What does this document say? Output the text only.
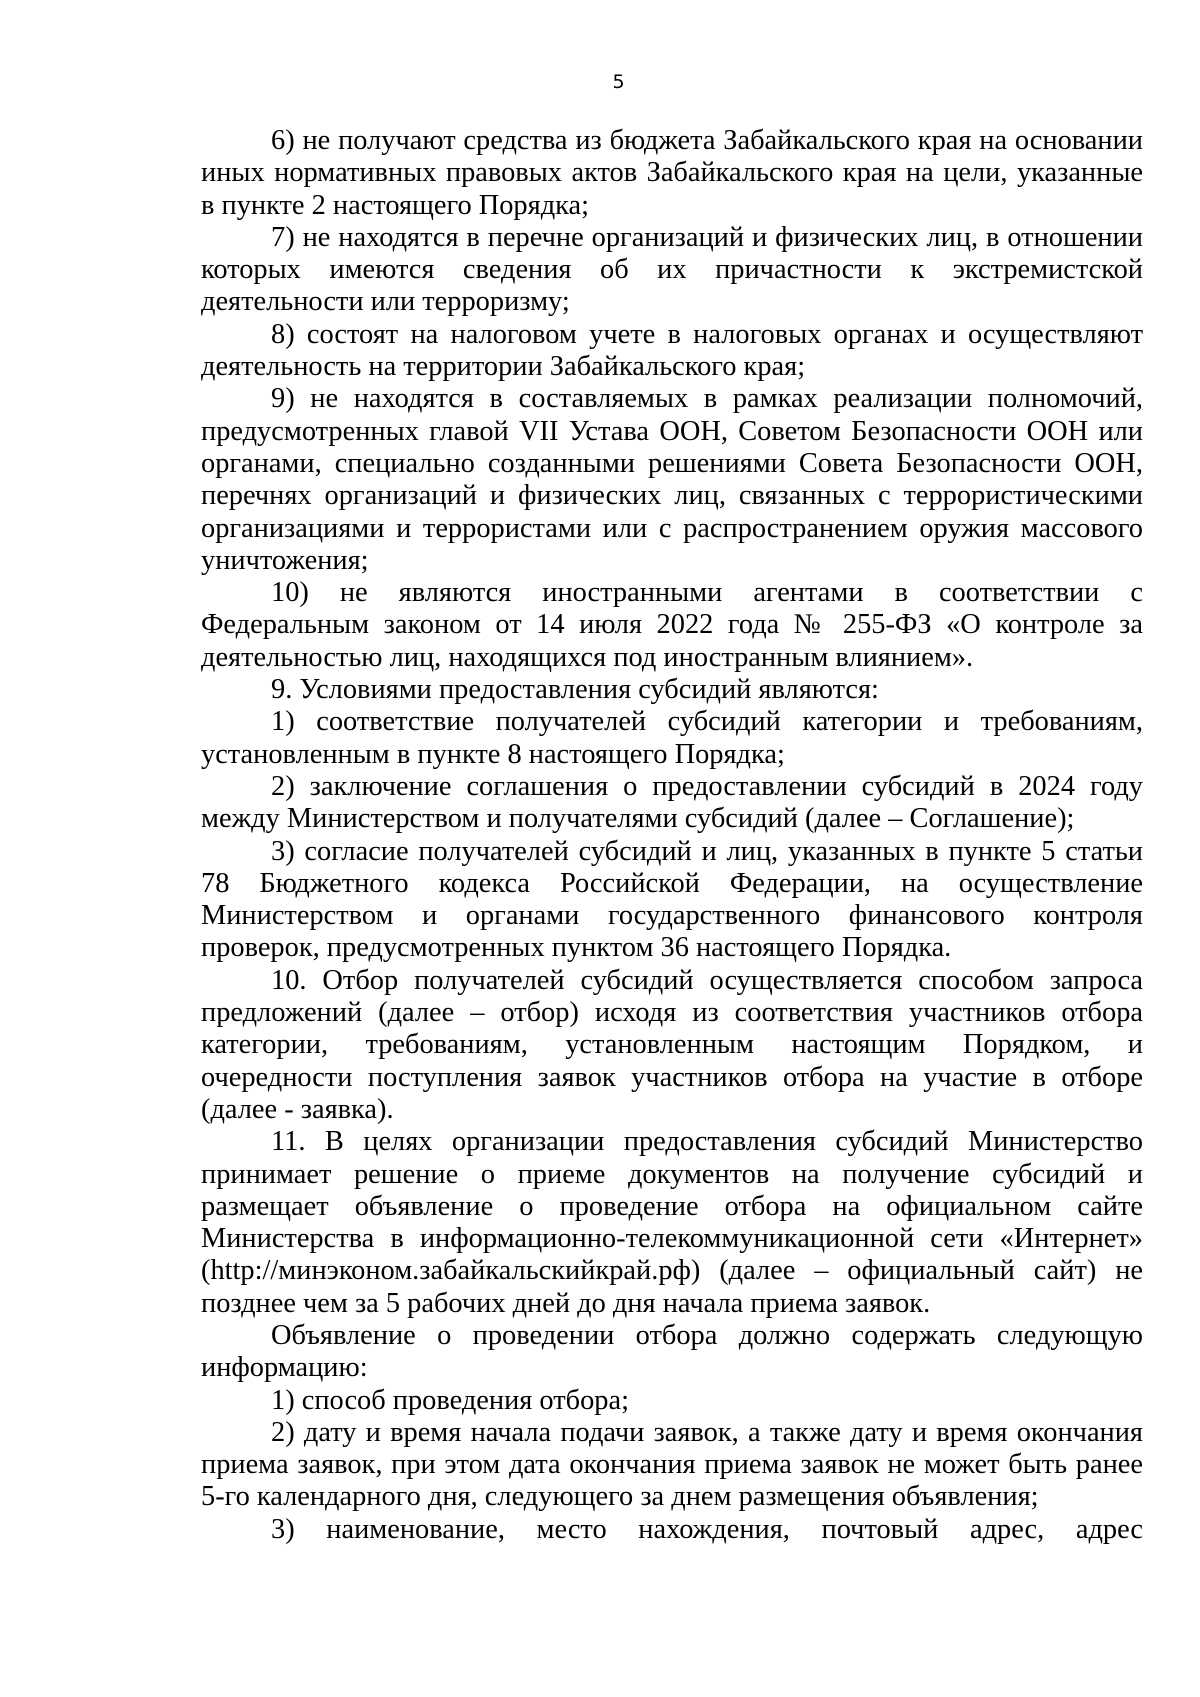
5

6) не получают средства из бюджета Забайкальского края на основании иных нормативных правовых актов Забайкальского края на цели, указанные в пункте 2 настоящего Порядка;

7) не находятся в перечне организаций и физических лиц, в отношении которых имеются сведения об их причастности к экстремистской деятельности или терроризму;

8) состоят на налоговом учете в налоговых органах и осуществляют деятельность на территории Забайкальского края;

9) не находятся в составляемых в рамках реализации полномочий, предусмотренных главой VII Устава ООН, Советом Безопасности ООН или органами, специально созданными решениями Совета Безопасности ООН, перечнях организаций и физических лиц, связанных с террористическими организациями и террористами или с распространением оружия массового уничтожения;

10) не являются иностранными агентами в соответствии с Федеральным законом от 14 июля 2022 года № 255-ФЗ «О контроле за деятельностью лиц, находящихся под иностранным влиянием».

9. Условиями предоставления субсидий являются:

1) соответствие получателей субсидий категории и требованиям, установленным в пункте 8 настоящего Порядка;

2) заключение соглашения о предоставлении субсидий в 2024 году между Министерством и получателями субсидий (далее – Соглашение);

3) согласие получателей субсидий и лиц, указанных в пункте 5 статьи 78 Бюджетного кодекса Российской Федерации, на осуществление Министерством и органами государственного финансового контроля проверок, предусмотренных пунктом 36 настоящего Порядка.

10. Отбор получателей субсидий осуществляется способом запроса предложений (далее – отбор) исходя из соответствия участников отбора категории, требованиям, установленным настоящим Порядком, и очередности поступления заявок участников отбора на участие в отборе (далее - заявка).

11. В целях организации предоставления субсидий Министерство принимает решение о приеме документов на получение субсидий и размещает объявление о проведение отбора на официальном сайте Министерства в информационно-телекоммуникационной сети «Интернет» (http://минэконом.забайкальскийкрай.рф) (далее – официальный сайт) не позднее чем за 5 рабочих дней до дня начала приема заявок.

Объявление о проведении отбора должно содержать следующую информацию:

1) способ проведения отбора;

2) дату и время начала подачи заявок, а также дату и время окончания приема заявок, при этом дата окончания приема заявок не может быть ранее 5-го календарного дня, следующего за днем размещения объявления;

3) наименование, место нахождения, почтовый адрес, адрес
